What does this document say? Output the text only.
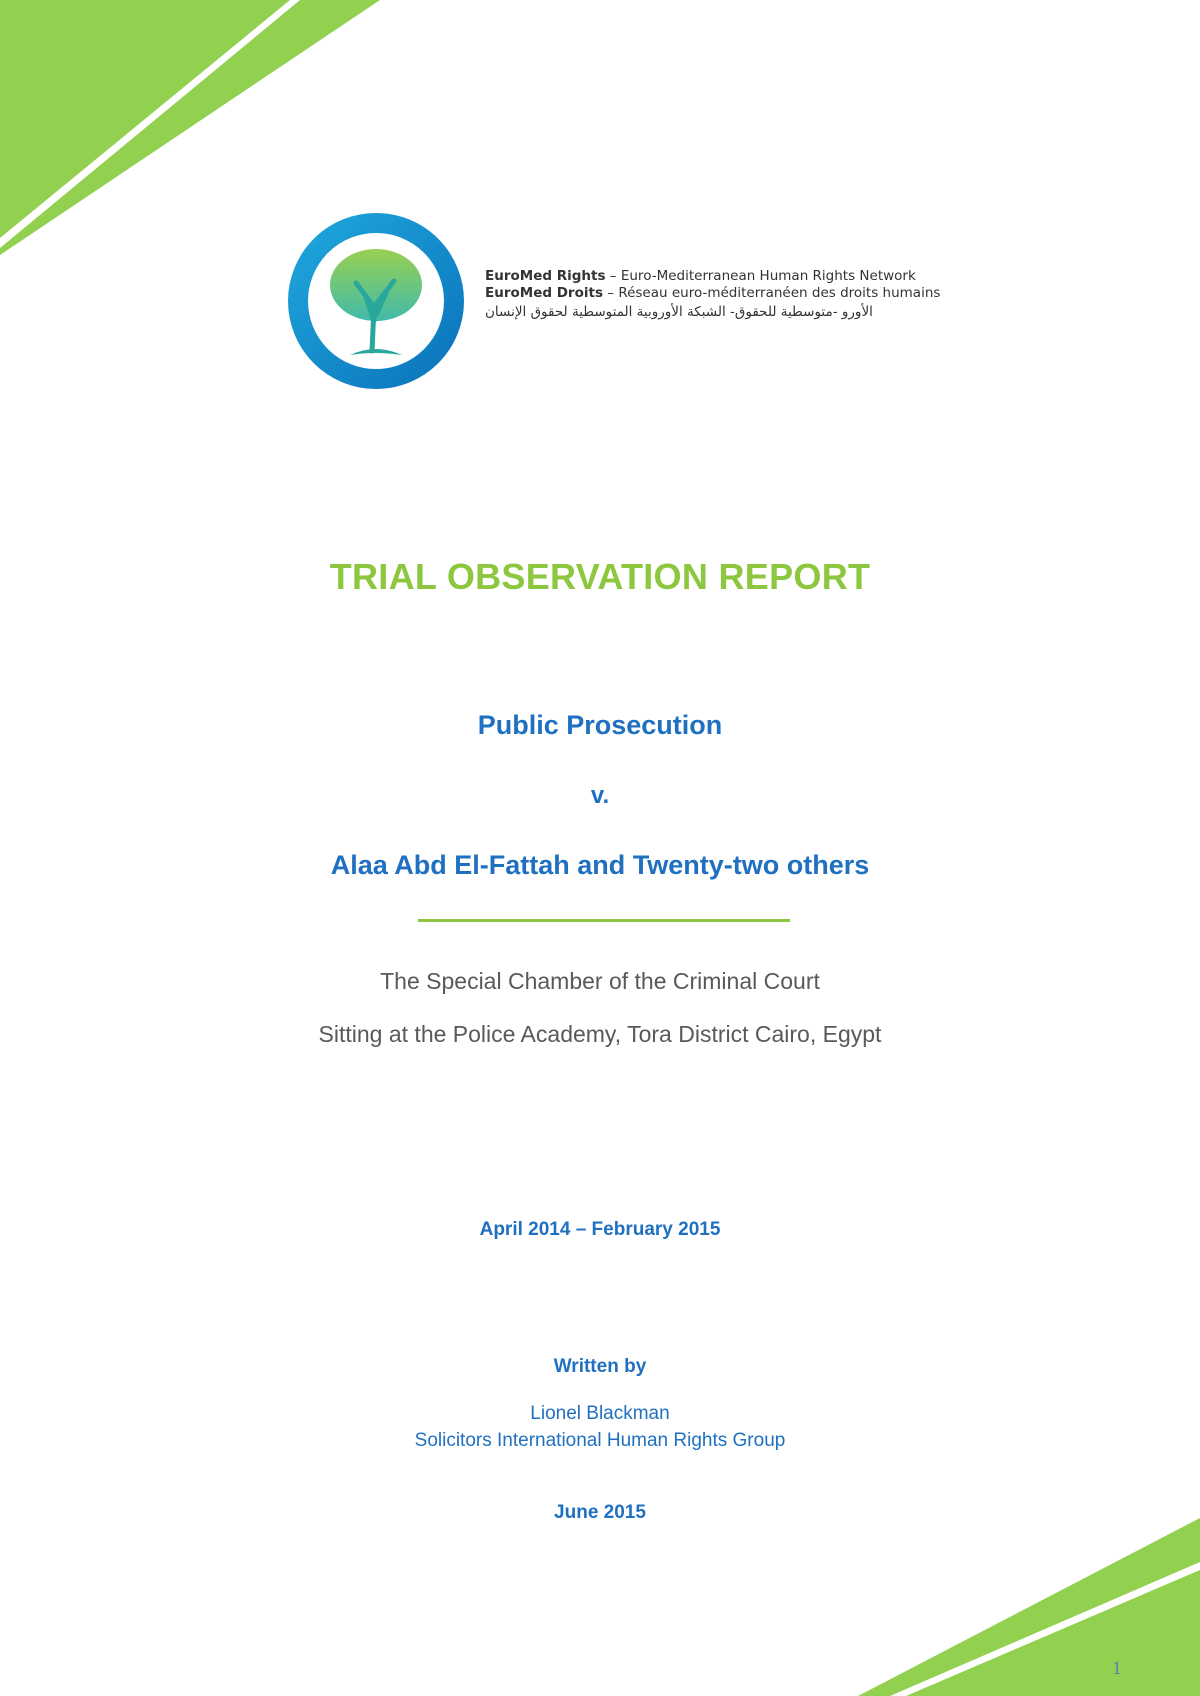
EuroMed Rights – Euro-Mediterranean Human Rights Network
EuroMed Droits – Réseau euro-méditerranéen des droits humains
الأورو -متوسطية للحقوق- الشبكة الأوروبية المتوسطية لحقوق الإنسان
TRIAL OBSERVATION REPORT
Public Prosecution
v.
Alaa Abd El-Fattah and Twenty-two others
The Special Chamber of the Criminal Court
Sitting at the Police Academy, Tora District Cairo, Egypt
April 2014 – February 2015
Written by
Lionel Blackman
Solicitors International Human Rights Group
June 2015
1
